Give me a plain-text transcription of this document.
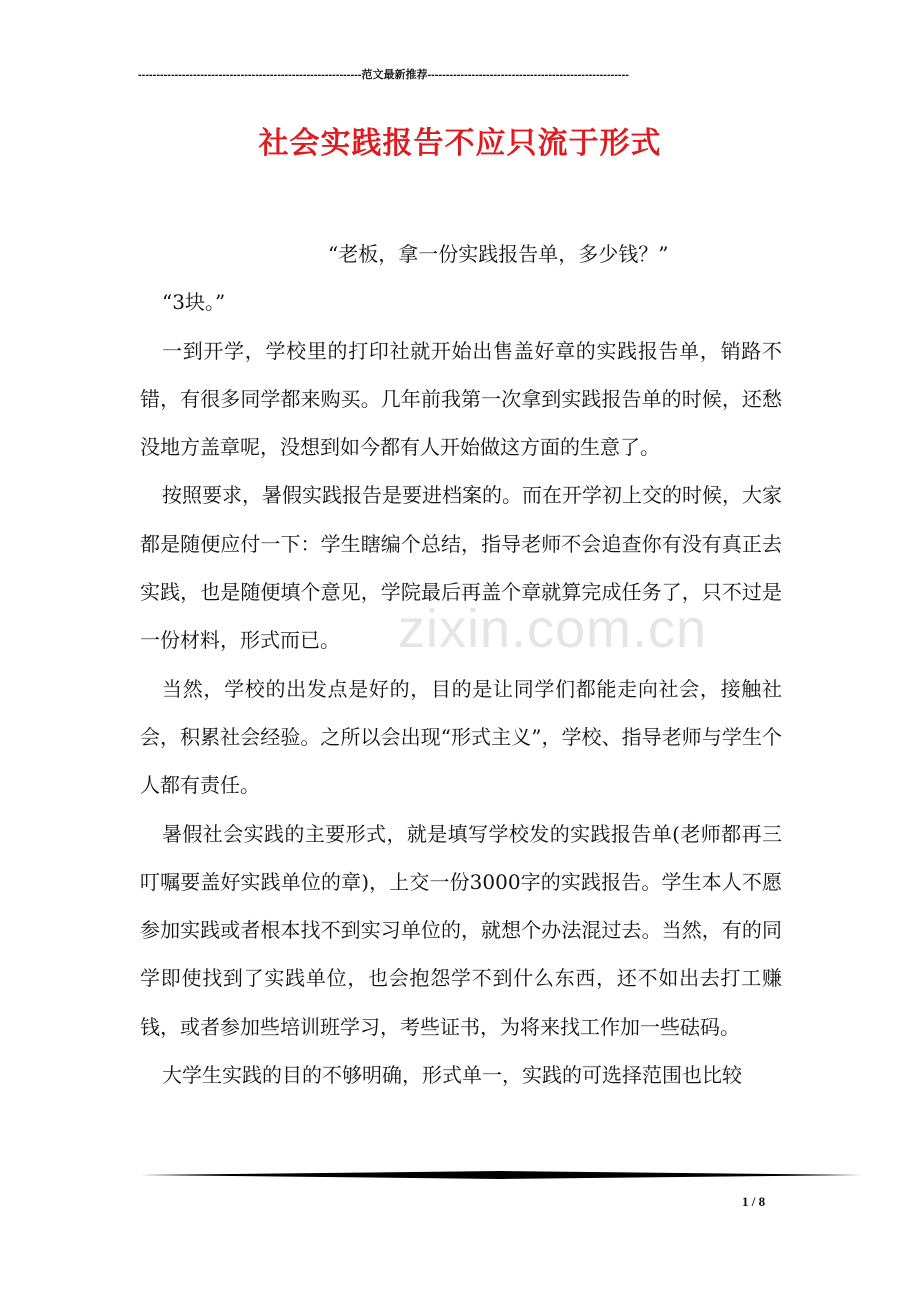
-------------------------------------------------------------范文最新推荐-------------------------------------------------------
社会实践报告不应只流于形式

“老板，拿一份实践报告单，多少钱？”

“3块。”

一到开学，学校里的打印社就开始出售盖好章的实践报告单，销路不错，有很多同学都来购买。几年前我第一次拿到实践报告单的时候，还愁没地方盖章呢，没想到如今都有人开始做这方面的生意了。

按照要求，暑假实践报告是要进档案的。而在开学初上交的时候，大家都是随便应付一下：学生瞎编个总结，指导老师不会追查你有没有真正去实践，也是随便填个意见，学院最后再盖个章就算完成任务了，只不过是一份材料，形式而已。

当然，学校的出发点是好的，目的是让同学们都能走向社会，接触社会，积累社会经验。之所以会出现“形式主义”，学校、指导老师与学生个人都有责任。

暑假社会实践的主要形式，就是填写学校发的实践报告单(老师都再三叮嘱要盖好实践单位的章)，上交一份3000字的实践报告。学生本人不愿参加实践或者根本找不到实习单位的，就想个办法混过去。当然，有的同学即使找到了实践单位，也会抱怨学不到什么东西，还不如出去打工赚钱，或者参加些培训班学习，考些证书，为将来找工作加一些砝码。

大学生实践的目的不够明确，形式单一，实践的可选择范围也比较

zixin.com.cn
1 / 8
